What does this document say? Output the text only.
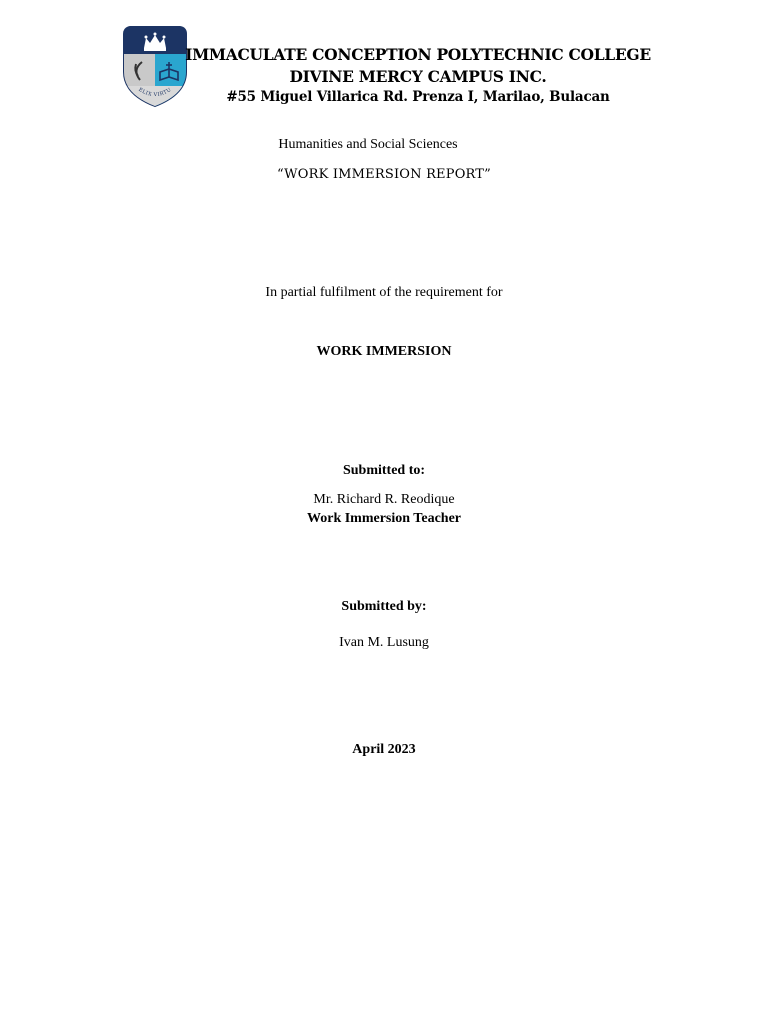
ELIX VIRTU
IMMACULATE CONCEPTION POLYTECHNIC COLLEGE
DIVINE MERCY CAMPUS INC.
#55 Miguel Villarica Rd. Prenza I, Marilao, Bulacan
Humanities and Social Sciences
“WORK IMMERSION REPORT”
In partial fulfilment of the requirement for
WORK IMMERSION
Submitted to:
Mr. Richard R. Reodique
Work Immersion Teacher
Submitted by:
Ivan M. Lusung
April 2023
